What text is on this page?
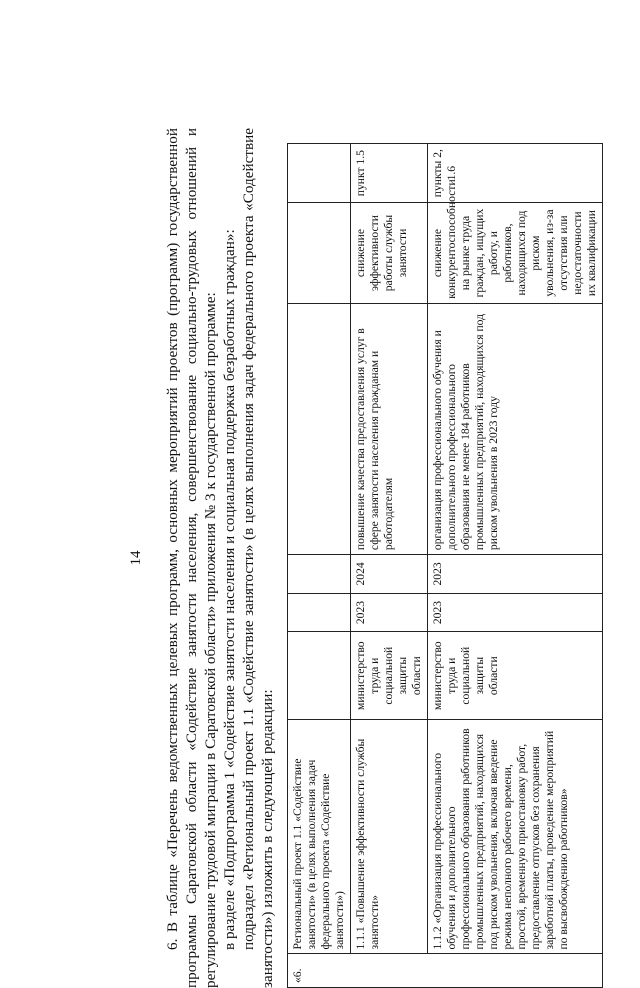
14 6. В таблице «Перечень ведомственных целевых программ, основных мероприятий проектов (программ) государственной программы Саратовской области «Содействие занятости населения, совершенствование социально-трудовых отношений и регулирование трудовой миграции в Саратовской области» приложения № 3 к государственной программе: в разделе «Подпрограмма 1 «Содействие занятости населения и социальная поддержка безработных граждан»: подраздел «Региональный проект 1.1 «Содействие занятости» (в целях выполнения задач федерального проекта «Содействие занятости») изложить в следующей редакции: «6.	Региональный проект 1.1 «Содействие занятости» (в целях выполнения задач федерального проекта «Содействие занятости»)						
	1.1.1 «Повышение эффективности службы занятости»	министерство труда и социальной защиты области	2023	2024	повышение качества предоставления услуг в сфере занятости населения гражданам и работодателям	снижение эффективности работы службы занятости	пункт 1.5
	1.1.2 «Организация профессионального обучения и дополнительного профессионального образования работников промышленных предприятий, находящихся под риском увольнения, включая введение режима неполного рабочего времени, простой, временную приостановку работ, предоставление отпусков без сохранения заработной платы, проведение мероприятий по высвобождению работников»	министерство труда и социальной защиты области	2023	2023	организация профессионального обучения и дополнительного профессионального образования не менее 184 работников промышленных предприятий, находящихся под риском увольнения в 2023 году	снижение конкурентоспособности на рынке труда граждан, ищущих работу, и работников, находящихся под риском увольнения, из-за отсутствия или недостаточности их квалификации	пункты 2, 1.6
